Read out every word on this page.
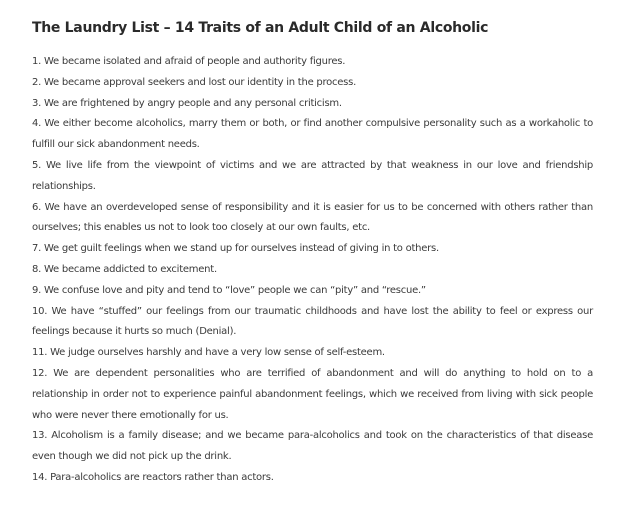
The Laundry List – 14 Traits of an Adult Child of an Alcoholic

1. We became isolated and afraid of people and authority figures.

2. We became approval seekers and lost our identity in the process.

3. We are frightened by angry people and any personal criticism.

4. We either become alcoholics, marry them or both, or find another compulsive personality such as a workaholic to fulfill our sick abandonment needs.

5. We live life from the viewpoint of victims and we are attracted by that weakness in our love and friendship relationships.

6. We have an overdeveloped sense of responsibility and it is easier for us to be concerned with others rather than ourselves; this enables us not to look too closely at our own faults, etc.

7. We get guilt feelings when we stand up for ourselves instead of giving in to others.

8. We became addicted to excitement.

9. We confuse love and pity and tend to “love” people we can “pity” and “rescue.”

10. We have “stuffed” our feelings from our traumatic childhoods and have lost the ability to feel or express our feelings because it hurts so much (Denial).

11. We judge ourselves harshly and have a very low sense of self-esteem.

12. We are dependent personalities who are terrified of abandonment and will do anything to hold on to a relationship in order not to experience painful abandonment feelings, which we received from living with sick people who were never there emotionally for us.

13. Alcoholism is a family disease; and we became para-alcoholics and took on the characteristics of that disease even though we did not pick up the drink.

14. Para-alcoholics are reactors rather than actors.
